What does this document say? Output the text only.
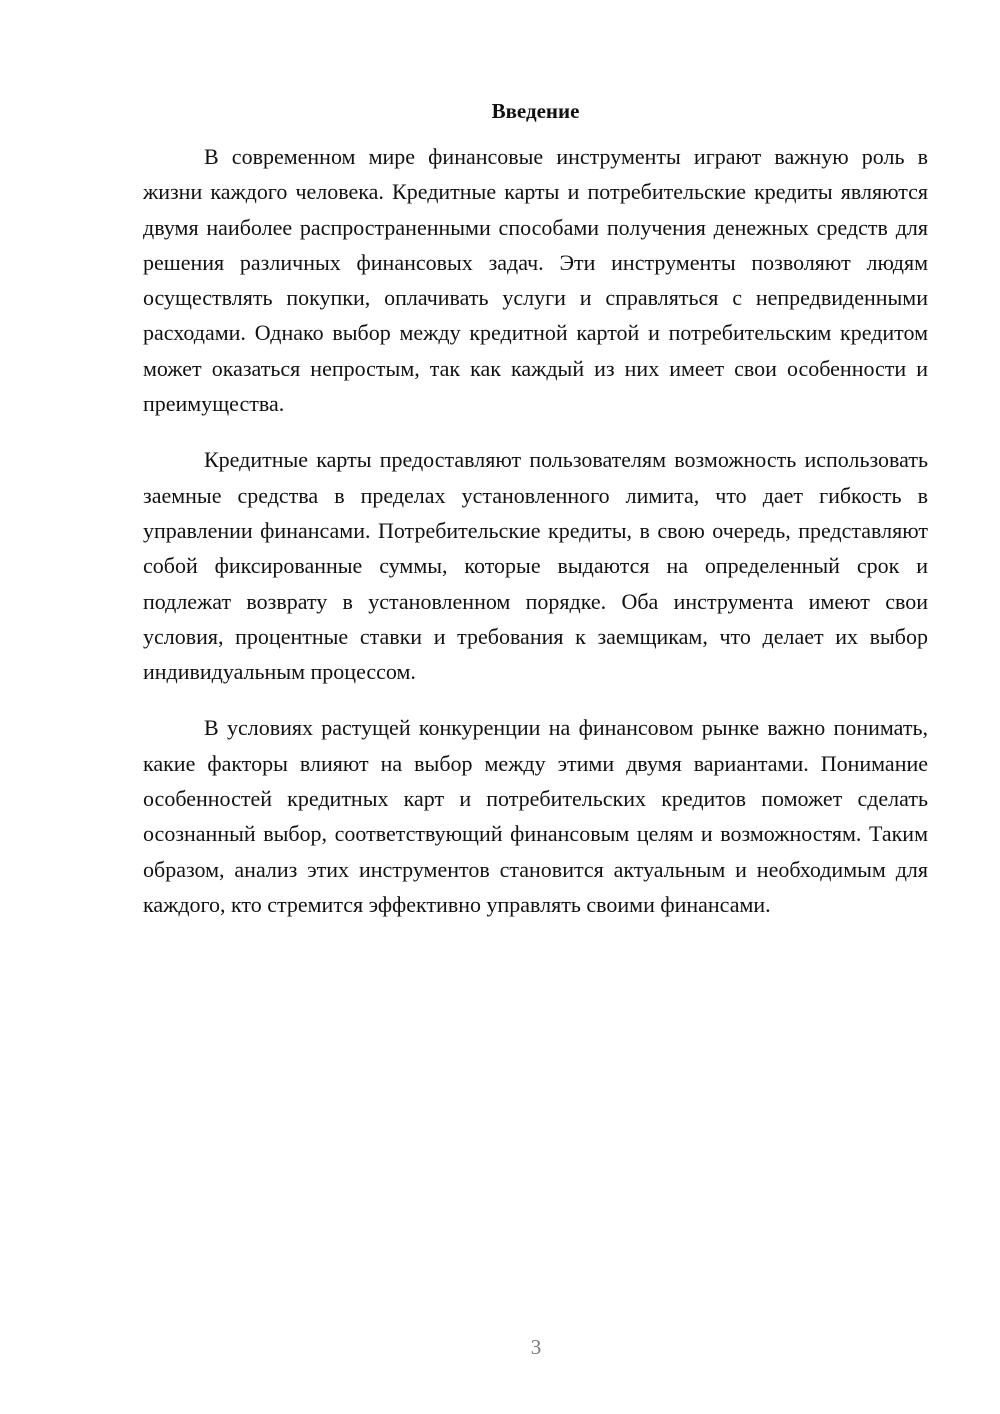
Введение

В современном мире финансовые инструменты играют важную роль в жизни каждого человека. Кредитные карты и потребительские кредиты являются двумя наиболее распространенными способами получения денежных средств для решения различных финансовых задач. Эти инструменты позволяют людям осуществлять покупки, оплачивать услуги и справляться с непредвиденными расходами. Однако выбор между кредитной картой и потребительским кредитом может оказаться непростым, так как каждый из них имеет свои особенности и преимущества.

Кредитные карты предоставляют пользователям возможность использовать заемные средства в пределах установленного лимита, что дает гибкость в управлении финансами. Потребительские кредиты, в свою очередь, представляют собой фиксированные суммы, которые выдаются на определенный срок и подлежат возврату в установленном порядке. Оба инструмента имеют свои условия, процентные ставки и требования к заемщикам, что делает их выбор индивидуальным процессом.

В условиях растущей конкуренции на финансовом рынке важно понимать, какие факторы влияют на выбор между этими двумя вариантами. Понимание особенностей кредитных карт и потребительских кредитов поможет сделать осознанный выбор, соответствующий финансовым целям и возможностям. Таким образом, анализ этих инструментов становится актуальным и необходимым для каждого, кто стремится эффективно управлять своими финансами.

3
